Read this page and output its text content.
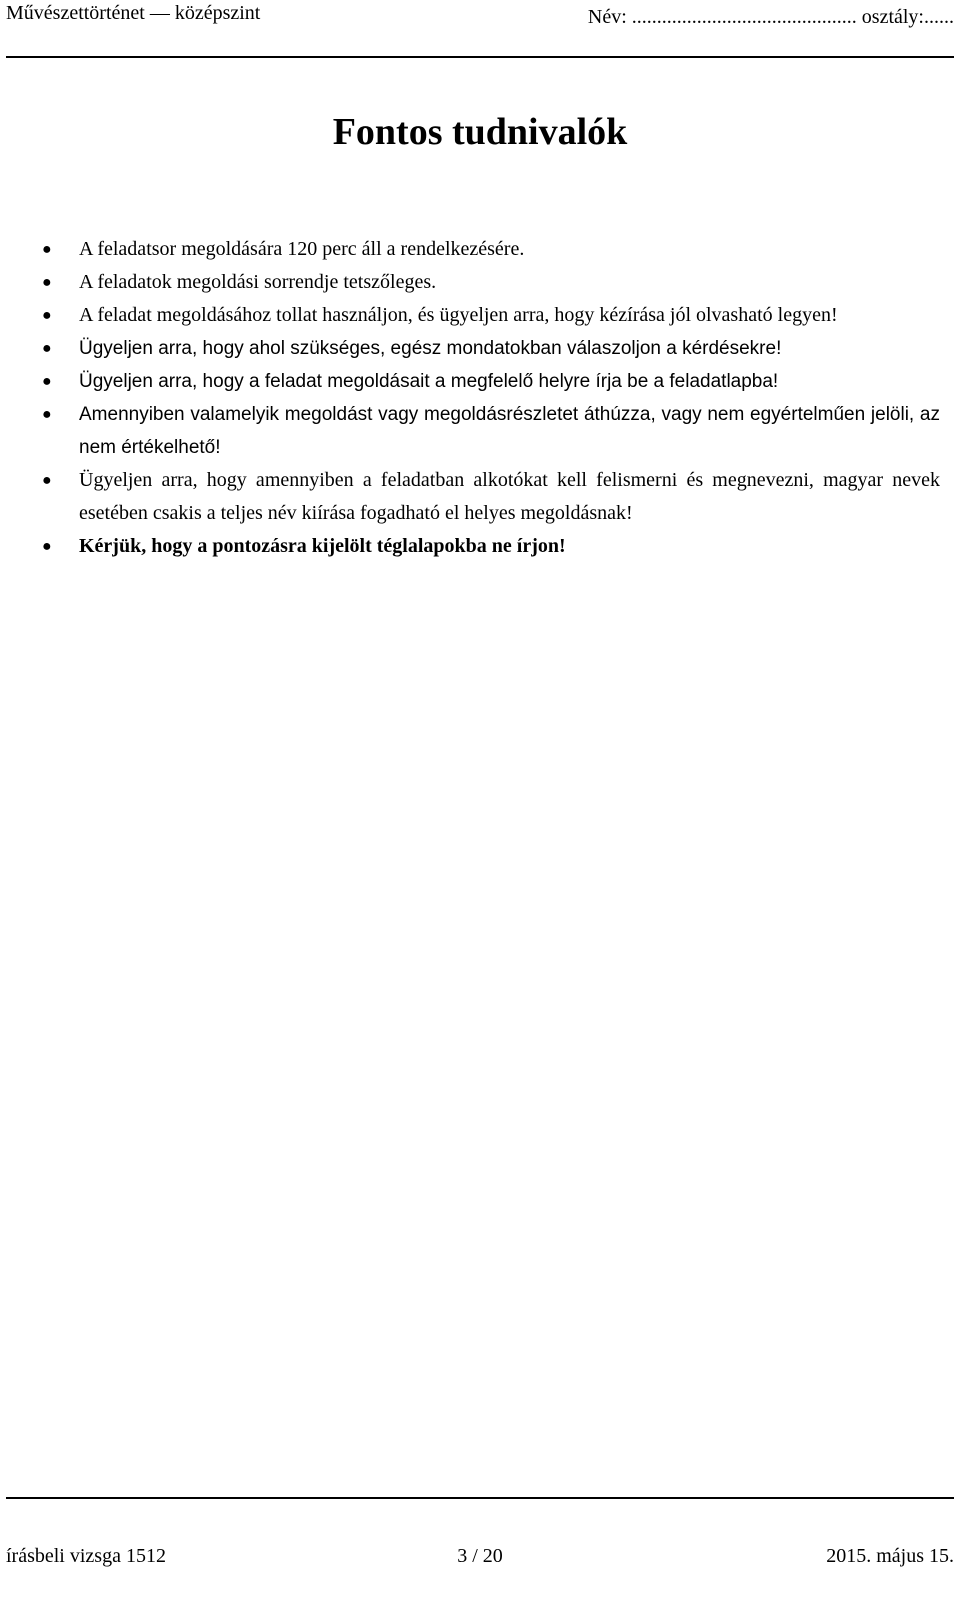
Művészettörténet — középszint	Név: ............................................. osztály:......
Fontos tudnivalók
● A feladatsor megoldására 120 perc áll a rendelkezésére.
● A feladatok megoldási sorrendje tetszőleges.
● A feladat megoldásához tollat használjon, és ügyeljen arra, hogy kézírása jól olvasható legyen!
● Ügyeljen arra, hogy ahol szükséges, egész mondatokban válaszoljon a kérdésekre!
● Ügyeljen arra, hogy a feladat megoldásait a megfelelő helyre írja be a feladatlapba!
● Amennyiben valamelyik megoldást vagy megoldásrészletet áthúzza, vagy nem egyértelműen jelöli, az nem értékelhető!
● Ügyeljen arra, hogy amennyiben a feladatban alkotókat kell felismerni és megnevezni, magyar nevek esetében csakis a teljes név kiírása fogadható el helyes megoldásnak!
● Kérjük, hogy a pontozásra kijelölt téglalapokba ne írjon!
írásbeli vizsga 1512	3 / 20	2015. május 15.
